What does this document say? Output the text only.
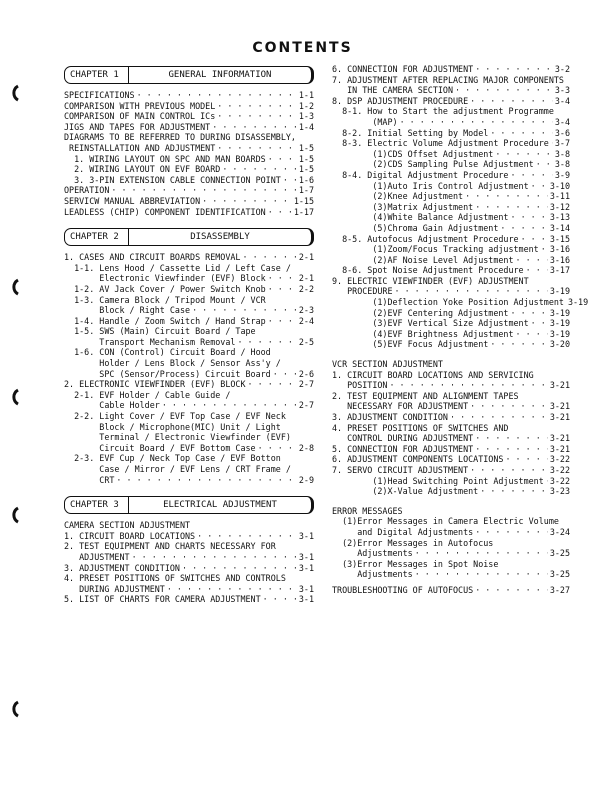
CONTENTS
CHAPTER 1	GENERAL INFORMATION
SPECIFICATIONS · · ·	1-1
COMPARISON WITH PREVIOUS MODEL · · ·	1-2
COMPARISON OF MAIN CONTROL ICs · · ·	1-3
JIGS AND TAPES FOR ADJUSTMENT · · ·	1-4
DIAGRAMS TO BE REFERRED TO DURING DISASSEMBLY,
REINSTALLATION AND ADJUSTMENT · · ·	1-5
1. WIRING LAYOUT ON SPC AND MAN BOARDS · · ·	1-5
2. WIRING LAYOUT ON EVF BOARD · · ·	1-5
3. 3-PIN EXTENSION CABLE CONNECTION POINT · · · 1-6
OPERATION · · ·	1-7
SERVICW MANUAL ABBREVIATION · · ·	1-15
LEADLESS (CHIP) COMPONENT IDENTIFICATION · · ·	1-17
CHAPTER 2	DISASSEMBLY
1. CASES AND CIRCUIT BOARDS REMOVAL · · ·	2-1
1-1. Lens Hood / Cassette Lid / Left Case /
Electronic Viewfinder (EVF) Block · · ·	2-1
1-2. AV Jack Cover / Power Switch Knob · · ·	2-2
1-3. Camera Block / Tripod Mount / VCR
Block / Right Case · · ·	2-3
1-4. Handle / Zoom Switch / Hand Strap · · ·	2-4
1-5. SWS (Main) Circuit Board / Tape
Transport Mechanism Removal · · ·	2-5
1-6. CON (Control) Circuit Board / Hood
Holder / Lens Block / Sensor Ass'y /
SPC (Sensor/Process) Circuit Board · · ·	2-6
2. ELECTRONIC VIEWFINDER (EVF) BLOCK · · ·	2-7
2-1. EVF Holder / Cable Guide /
Cable Holder · · ·	2-7
2-2. Light Cover / EVF Top Case / EVF Neck
Block / Microphone(MIC) Unit / Light
Terminal / Electronic Viewfinder (EVF)
Circuit Board / EVF Bottom Case · · ·	2-8
2-3. EVF Cup / Neck Top Case / EVF Botton
Case / Mirror / EVF Lens / CRT Frame /
CRT · · ·	2-9
CHAPTER 3	ELECTRICAL ADJUSTMENT
CAMERA SECTION ADJUSTMENT
1. CIRCUIT BOARD LOCATIONS · · ·	3-1
2. TEST EQUIPMENT AND CHARTS NECESSARY FOR
ADJUSTMENT · · ·	3-1
3. ADJUSTMENT CONDITION · · ·	3-1
4. PRESET POSITIONS OF SWITCHES AND CONTROLS
DURING ADJUSTMENT · · ·	3-1
5. LIST OF CHARTS FOR CAMERA ADJUSTMENT · · ·	3-1
6. CONNECTION FOR ADJUSTMENT · · ·	3-2
7. ADJUSTMENT AFTER REPLACING MAJOR COMPONENTS
IN THE CAMERA SECTION · · ·	3-3
8. DSP ADJUSTMENT PROCEDURE · · ·	3-4
8-1. How to Start the adjustment Programme
(MAP) · · ·	3-4
8-2. Initial Setting by Model · · ·	3-6
8-3. Electric Volume Adjustment Procedure · · · 3-7
(1)CDS Offset Adjustment · · ·	3-8
(2)CDS Sampling Pulse Adjustment · · ·	3-8
8-4. Digital Adjustment Procedure · · ·	3-9
(1)Auto Iris Control Adjustment · · ·	3-10
(2)Knee Adjustment · · ·	3-11
(3)Matrix Adjustment · · ·	3-12
(4)White Balance Adjustment · · ·	3-13
(5)Chroma Gain Adjustment · · ·	3-14
8-5. Autofocus Adjustment Procedure · · ·	3-15
(1)Zoom/Focus Tracking adjustment · · · 3-16
(2)AF Noise Level Adjustment · · ·	3-16
8-6. Spot Noise Adjustment Procedure · · ·	3-17
9. ELECTRIC VIEWFINDER (EVF) ADJUSTMENT
PROCEDURE · · ·	3-19
(1)Deflection Yoke Position Adjustment 3-19
(2)EVF Centering Adjustment · · ·	3-19
(3)EVF Vertical Size Adjustment · · ·	3-19
(4)EVF Brightness Adjustment · · ·	3-19
(5)EVF Focus Adjustment · · ·	3-20
VCR SECTION ADJUSTMENT
1. CIRCUIT BOARD LOCATIONS AND SERVICING
POSITION · · ·	3-21
2. TEST EQUIPMENT AND ALIGNMENT TAPES
NECESSARY FOR ADJUSTMENT · · ·	3-21
3. ADJUSTMENT CONDITION · · ·	3-21
4. PRESET POSITIONS OF SWITCHES AND
CONTROL DURING ADJUSTMENT · · ·	3-21
5. CONNECTION FOR ADJUSTMENT · · ·	3-21
6. ADJUSTMENT COMPONENTS LOCATIONS · · ·	3-22
7. SERVO CIRCUIT ADJUSTMENT · · ·	3-22
(1)Head Switching Point Adjustment · · · 3-22
(2)X-Value Adjustment · · ·	3-23
ERROR MESSAGES
(1)Error Messages in Camera Electric Volume
and Digital Adjustments · · ·	3-24
(2)Error Messages in Autofocus
Adjustments · · ·	3-25
(3)Error Messages in Spot Noise
Adjustments · · ·	3-25
TROUBLESHOOTING OF AUTOFOCUS · · ·	3-27
